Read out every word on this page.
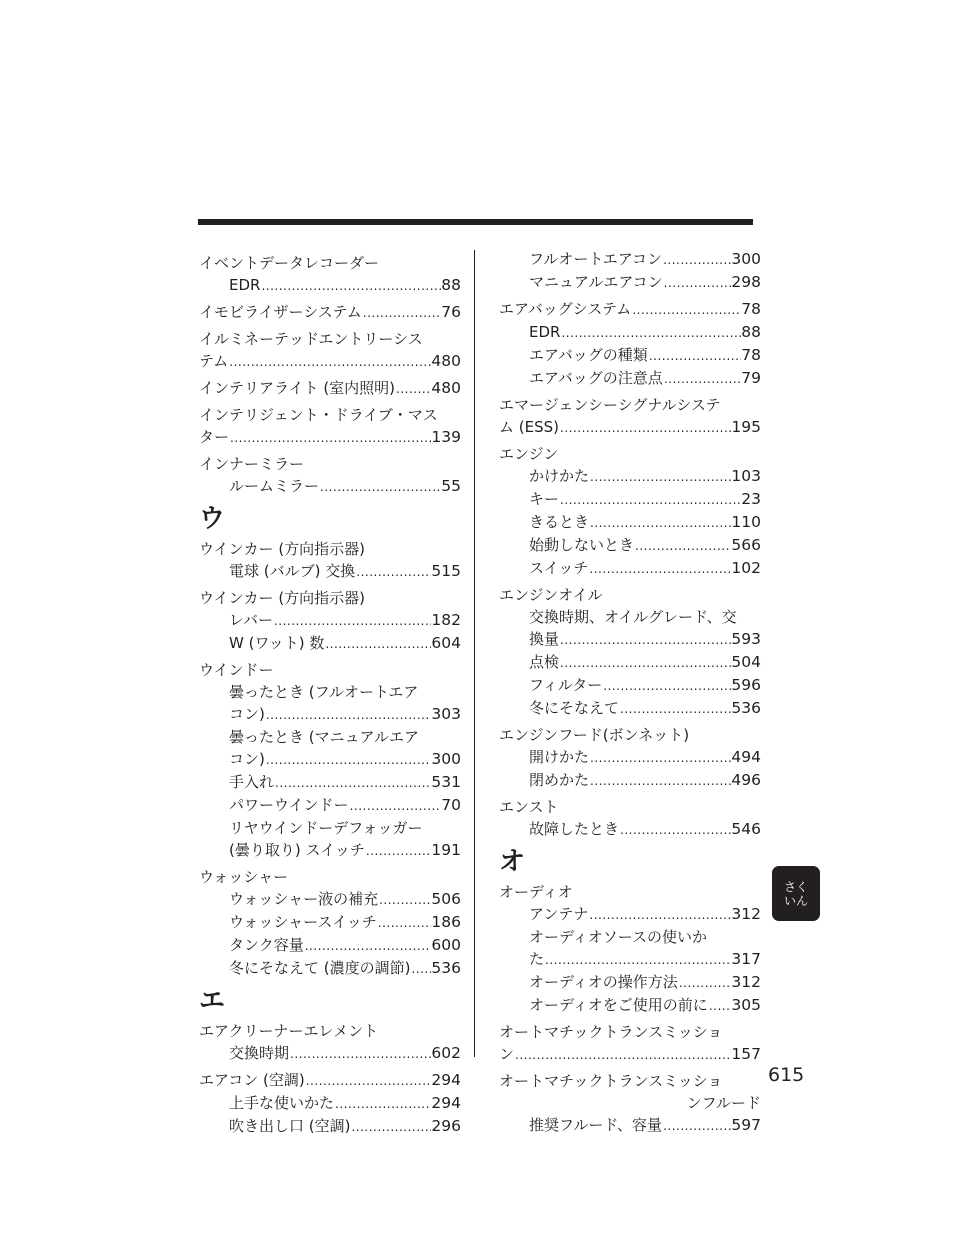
イベントデータレコーダー
EDR .....	88
イモビライザーシステム .....	76
イルミネーテッドエントリーシス
テム .....	480
インテリアライト (室内照明) ..... 480
インテリジェント・ドライブ・マス
ター .....	139
インナーミラー
ルームミラー .....	55
ウ
ウインカー (方向指示器)
電球 (バルブ) 交換 .....	515
ウインカー (方向指示器)
レバー .....	182
W (ワット) 数 .....	604
ウインドー
曇ったとき (フルオートエア
コン) .....	303
曇ったとき (マニュアルエア
コン) .....	300
手入れ .....	531
パワーウインドー .....	70
リヤウインドーデフォッガー
(曇り取り) スイッチ .....	191
ウォッシャー
ウォッシャー液の補充 .....	506
ウォッシャースイッチ .....	186
タンク容量 .....	600
冬にそなえて (濃度の調節) ..... 536
エ
エアクリーナーエレメント
交換時期 .....	602
エアコン (空調) .....	294
上手な使いかた .....	294
吹き出し口 (空調) .....	296
フルオートエアコン .....	300
マニュアルエアコン .....	298
エアバッグシステム .....	78
EDR .....	88
エアバッグの種類 .....	78
エアバッグの注意点 .....	79
エマージェンシーシグナルシステ
ム (ESS) .....	195
エンジン
かけかた .....	103
キー .....	23
きるとき .....	110
始動しないとき .....	566
スイッチ .....	102
エンジンオイル
交換時期、オイルグレード、交
換量 .....	593
点検 .....	504
フィルター .....	596
冬にそなえて .....	536
エンジンフード(ボンネット)
開けかた .....	494
閉めかた .....	496
エンスト
故障したとき .....	546
オ
オーディオ
アンテナ .....	312
オーディオソースの使いか
た .....	317
オーディオの操作方法 .....	312
オーディオをご使用の前に ..... 305
オートマチックトランスミッショ
ン .....	157
オートマチックトランスミッショ
ンフルード
推奨フルード、容量 .....	597
615
さく
いん
